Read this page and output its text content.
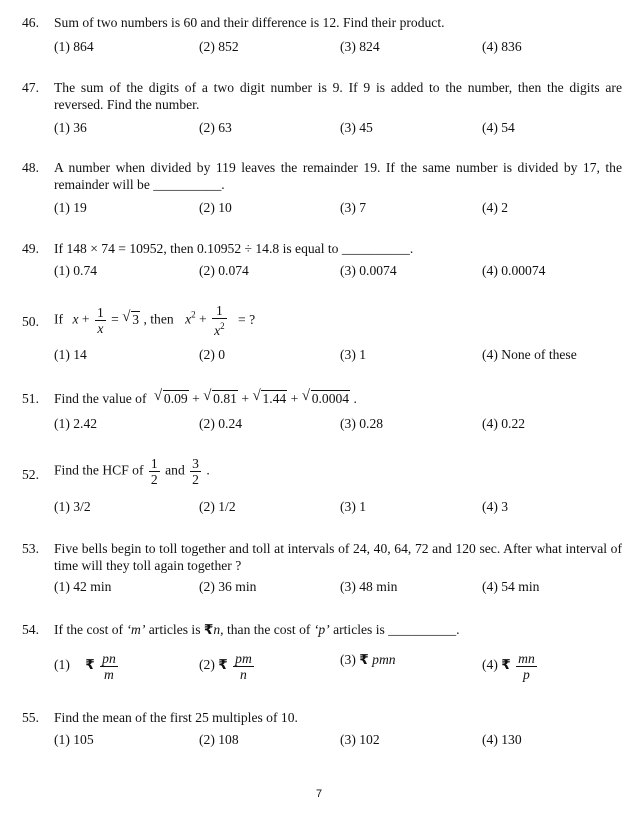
46. Sum of two numbers is 60 and their difference is 12. Find their product.
(1) 864	(2) 852	(3) 824	(4) 836
47. The sum of the digits of a two digit number is 9. If 9 is added to the number, then the digits are reversed. Find the number.
(1) 36	(2) 63	(3) 45	(4) 54
48. A number when divided by 119 leaves the remainder 19. If the same number is divided by 17, the remainder will be __________.
(1) 19	(2) 10	(3) 7	(4) 2
49. If 148 × 74 = 10952, then 0.10952 ÷ 14.8 is equal to __________.
(1) 0.74	(2) 0.074	(3) 0.0074	(4) 0.00074
50. If $x + \frac{1}{x}$ = √ 3 , then $x^2 + \frac{1}{x^2}$ = ?
(1) 14	(2) 0	(3) 1	(4) None of these
51. Find the value of √ 0.09 + √ 0.81 + √ 1.44 + √ 0.0004 .
(1) 2.42	(2) 0.24	(3) 0.28	(4) 0.22
52. Find the HCF of $\frac{1}{2}$ and $\frac{3}{2}$ .
(1) 3/2	(2) 1/2	(3) 1	(4) 3
53. Five bells begin to toll together and toll at intervals of 24, 40, 64, 72 and 120 sec. After what interval of time will they toll again together ?
(1) 42 min	(2) 36 min	(3) 48 min	(4) 54 min
54. If the cost of ‘m’ articles is ₹n, than the cost of ‘p’ articles is __________.
(1) ₹ $\frac{pn}{m}$	(2) ₹ $\frac{pm}{n}$	(3) ₹ pmn	(4) ₹ $\frac{mn}{p}$
55. Find the mean of the first 25 multiples of 10.
(1) 105	(2) 108	(3) 102	(4) 130
7
